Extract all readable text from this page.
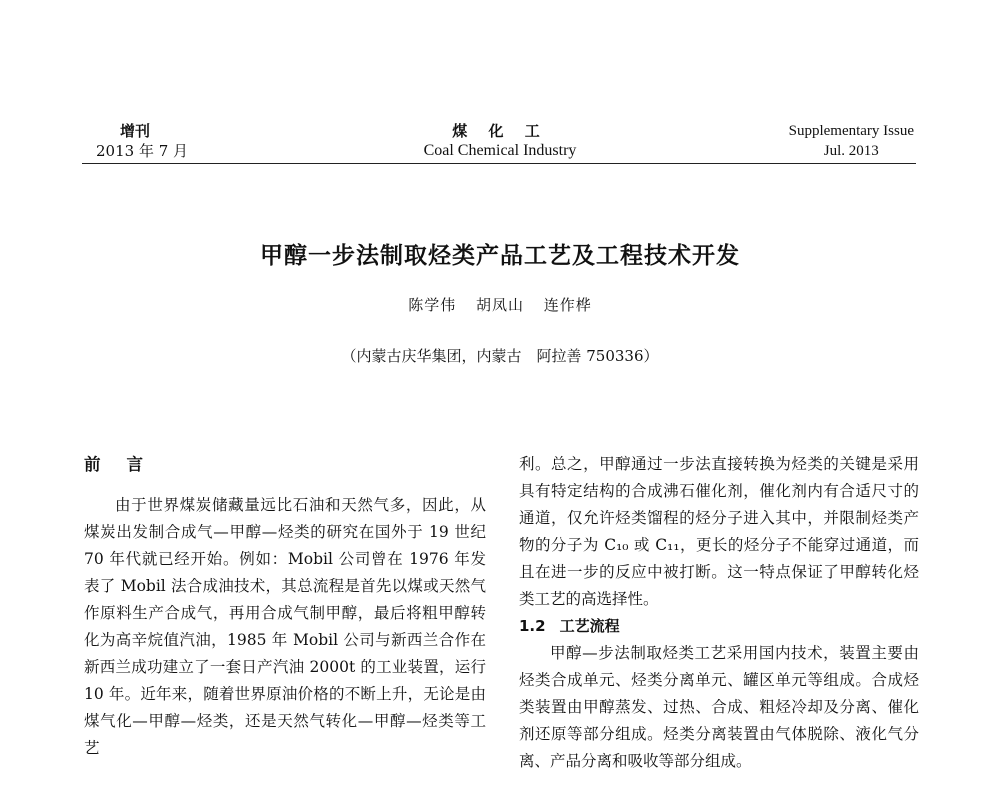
增刊
2013 年 7 月
煤 化 工
Coal Chemical Industry
Supplementary Issue
Jul. 2013
甲醇一步法制取烃类产品工艺及工程技术开发
陈学伟 胡凤山 连作桦
（内蒙古庆华集团，内蒙古　阿拉善 750336）
前言

由于世界煤炭储藏量远比石油和天然气多，因此，从煤炭出发制合成气—甲醇—烃类的研究在国外于 19 世纪 70 年代就已经开始。例如：Mobil 公司曾在 1976 年发表了 Mobil 法合成油技术，其总流程是首先以煤或天然气作原料生产合成气，再用合成气制甲醇，最后将粗甲醇转化为高辛烷值汽油，1985 年 Mobil 公司与新西兰合作在新西兰成功建立了一套日产汽油 2000t 的工业装置，运行 10 年。近年来，随着世界原油价格的不断上升，无论是由煤气化—甲醇—烃类，还是天然气转化—甲醇—烃类等工艺

利。总之，甲醇通过一步法直接转换为烃类的关键是采用具有特定结构的合成沸石催化剂，催化剂内有合适尺寸的通道，仅允许烃类馏程的烃分子进入其中，并限制烃类产物的分子为 C₁₀ 或 C₁₁，更长的烃分子不能穿过通道，而且在进一步的反应中被打断。这一特点保证了甲醇转化烃类工艺的高选择性。

1.2 工艺流程

甲醇—步法制取烃类工艺采用国内技术，装置主要由烃类合成单元、烃类分离单元、罐区单元等组成。合成烃类装置由甲醇蒸发、过热、合成、粗烃冷却及分离、催化剂还原等部分组成。烃类分离装置由气体脱除、液化气分离、产品分离和吸收等部分组成。
